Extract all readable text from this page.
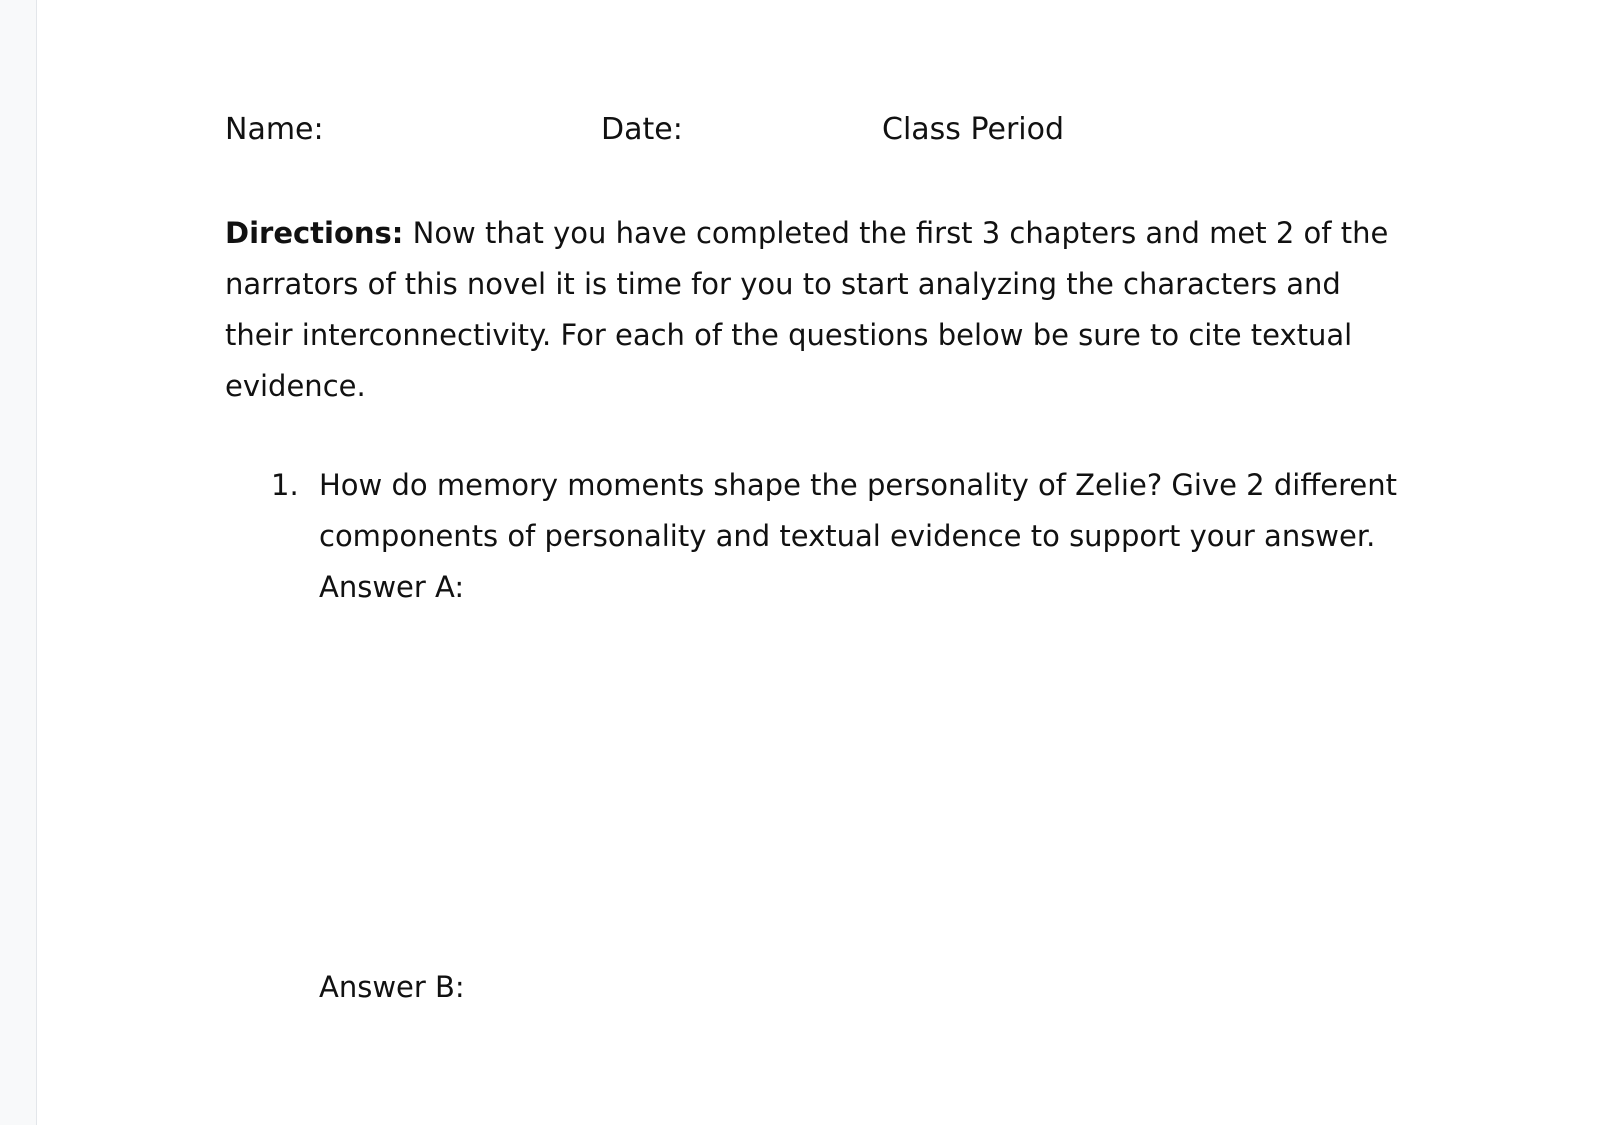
Name:	Date:	Class Period

Directions: Now that you have completed the first 3 chapters and met 2 of the narrators of this novel it is time for you to start analyzing the characters and their interconnectivity. For each of the questions below be sure to cite textual evidence.

1. How do memory moments shape the personality of Zelie? Give 2 different components of personality and textual evidence to support your answer.
Answer A:
Answer B:
